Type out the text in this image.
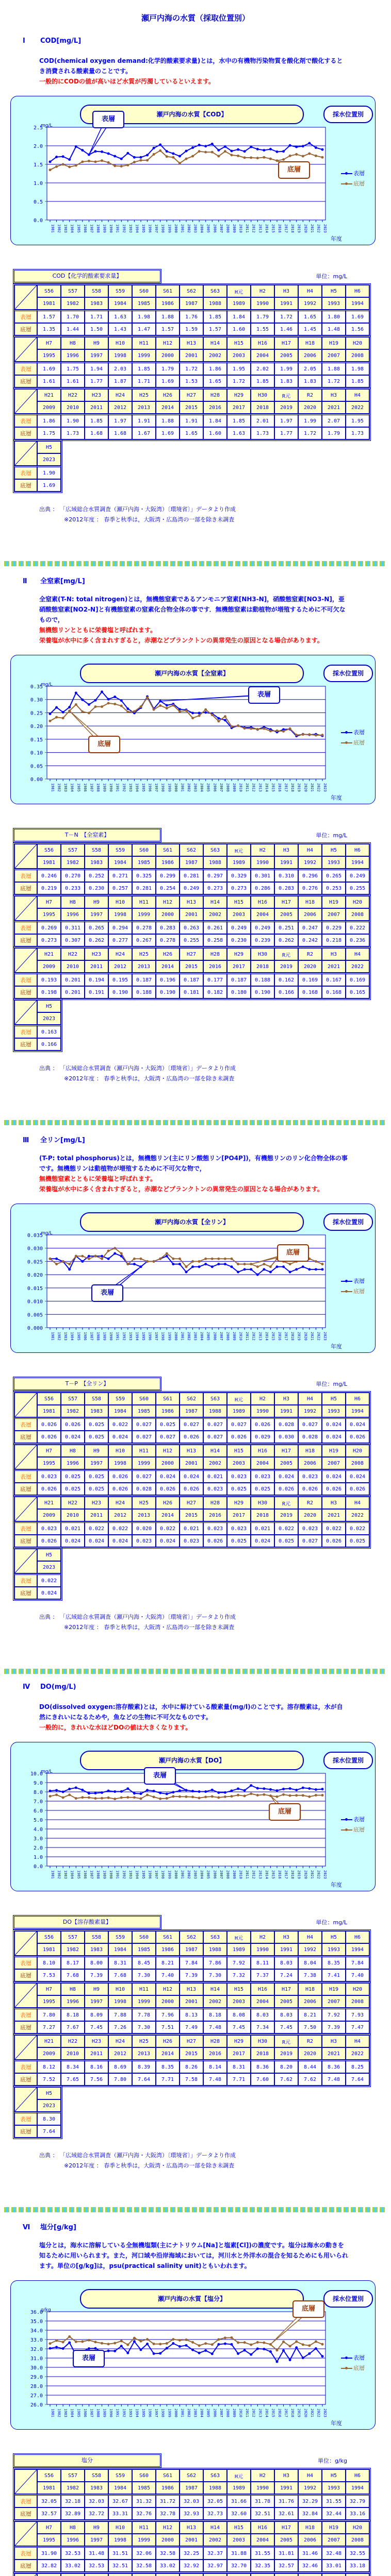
瀬戸内海の水質（採取位置別）
Ⅰ COD[mg/L]
COD(chemical oxygen demand:化学的酸素要求量)とは，水中の有機物汚染物質を酸化剤で酸化するとき消費される酸素量のことです。
一般的にCODの値が高いほど水質が汚濁しているといえます。
0.0
0.5
1.0
1.5
2.0
2.5
1981 1982 1983 1984 1985 1986 1987 1988 1989 1990 1991 1992 1993 1994 1995 1996 1997 1998 1999 2000 2001 2002 2003 2004 2005 2006 2007 2008 2009 2010 2011 2012 2013 2014 2015 2016 2017 2018 2019 2020 2021 2022 2023
瀬戸内海の水質【COD】	採水位置別
mg/L
表層
底層
年度
表層
底層
COD【化学的酸素要求量】	単位：mg/L
	S56	S57	S58	S59	S60	S61	S62	S63	H元	H2	H3	H4	H5	H6
	1981	1982	1983	1984	1985	1986	1987	1988	1989	1990	1991	1992	1993	1994
表層	1.57	1.70	1.71	1.63	1.98	1.88	1.76	1.85	1.84	1.79	1.72	1.65	1.80	1.69
底層	1.35	1.44	1.50	1.43	1.47	1.57	1.59	1.57	1.60	1.55	1.46	1.45	1.48	1.56
	H7	H8	H9	H10	H11	H12	H13	H14	H15	H16	H17	H18	H19	H20
	1995	1996	1997	1998	1999	2000	2001	2002	2003	2004	2005	2006	2007	2008
表層	1.69	1.75	1.94	2.03	1.85	1.79	1.72	1.86	1.95	2.02	1.99	2.05	1.88	1.98
底層	1.61	1.61	1.77	1.87	1.71	1.69	1.53	1.65	1.72	1.85	1.83	1.83	1.72	1.85
	H21	H22	H23	H24	H25	H26	H27	H28	H29	H30	R元	R2	H3	H4
	2009	2010	2011	2012	2013	2014	2015	2016	2017	2018	2019	2020	2021	2022
表層	1.86	1.90	1.85	1.97	1.91	1.88	1.91	1.84	1.85	2.01	1.97	1.99	2.07	1.95
底層	1.75	1.73	1.68	1.68	1.67	1.69	1.65	1.60	1.63	1.73	1.77	1.72	1.79	1.73
	H5
	2023
表層	1.90
底層	1.69
出典 ： 「広域総合水質調査（瀬戸内海・大阪湾）〔環境省〕」データより作成
※2012年度 ： 春季と秋季は，大阪湾・広島湾の一部を除き未調査
Ⅱ 全窒素[mg/L]
全窒素(T-N: total nitrogen)とは，無機態窒素であるアンモニア窒素[NH3-N]，硝酸態窒素[NO3-N]，亜硝酸態窒素[NO2-N]と有機態窒素の窒素化合物全体の事です．無機態窒素は動植物が増殖するために不可欠なもので，
無機態リンとともに栄養塩と呼ばれます。
栄養塩が水中に多く含まれすぎると，赤潮などプランクトンの異常発生の原因となる場合があります。
0.00
0.05
0.10
0.15
0.20
0.25
0.30
0.35
1981 1982 1983 1984 1985 1986 1987 1988 1989 1990 1991 1992 1993 1994 1995 1996 1997 1998 1999 2000 2001 2002 2003 2004 2005 2006 2007 2008 2009 2010 2011 2012 2013 2014 2015 2016 2017 2018 2019 2020 2021 2022 2023
瀬戸内海の水質【全窒素】	採水位置別
mg/L
表層
底層
年度
表層
底層
T－N　【全窒素】	単位：mg/L
	S56	S57	S58	S59	S60	S61	S62	S63	H元	H2	H3	H4	H5	H6
	1981	1982	1983	1984	1985	1986	1987	1988	1989	1990	1991	1992	1993	1994
表層	0.246	0.270	0.252	0.271	0.325	0.299	0.281	0.297	0.329	0.301	0.310	0.296	0.265	0.249
底層	0.219	0.233	0.230	0.257	0.281	0.254	0.249	0.273	0.273	0.286	0.283	0.276	0.253	0.255
	H7	H8	H9	H10	H11	H12	H13	H14	H15	H16	H17	H18	H19	H20
	1995	1996	1997	1998	1999	2000	2001	2002	2003	2004	2005	2006	2007	2008
表層	0.269	0.311	0.265	0.294	0.278	0.283	0.263	0.261	0.249	0.249	0.251	0.247	0.229	0.222
底層	0.273	0.307	0.262	0.277	0.267	0.278	0.255	0.258	0.230	0.239	0.262	0.242	0.218	0.236
	H21	H22	H23	H24	H25	H26	H27	H28	H29	H30	R元	R2	H3	H4
	2009	2010	2011	2012	2013	2014	2015	2016	2017	2018	2019	2020	2021	2022
表層	0.193	0.201	0.194	0.195	0.187	0.196	0.187	0.177	0.187	0.188	0.162	0.169	0.167	0.169
底層	0.198	0.201	0.191	0.190	0.188	0.190	0.181	0.182	0.180	0.190	0.166	0.168	0.168	0.165
	H5
	2023
表層	0.163
底層	0.166
出典 ： 「広域総合水質調査（瀬戸内海・大阪湾）〔環境省〕」データより作成
※2012年度 ： 春季と秋季は，大阪湾・広島湾の一部を除き未調査
Ⅲ 全リン[mg/L]
(T-P: total phosphorus)とは，無機態リン(主にリン酸態リン[PO4P])，有機態リンのリン化合物全体の事です。無機態リンは動植物が増殖するために不可欠な物で，
無機態窒素とともに栄養塩と呼ばれます。
栄養塩が水中に多く含まれすぎると，赤潮などプランクトンの異常発生の原因となる場合があります。
0.000
0.005
0.010
0.015
0.020
0.025
0.030
0.035
1981 1982 1983 1984 1985 1986 1987 1988 1989 1990 1991 1992 1993 1994 1995 1996 1997 1998 1999 2000 2001 2002 2003 2004 2005 2006 2007 2008 2009 2010 2011 2012 2013 2014 2015 2016 2017 2018 2019 2020 2021 2022 2023
瀬戸内海の水質【全リン】	採水位置別
mg/L
表層
底層
年度
表層
底層
T－P　【全リン】	単位：mg/L
	S56	S57	S58	S59	S60	S61	S62	S63	H元	H2	H3	H4	H5	H6
	1981	1982	1983	1984	1985	1986	1987	1988	1989	1990	1991	1992	1993	1994
表層	0.026	0.026	0.025	0.022	0.027	0.025	0.027	0.027	0.027	0.026	0.028	0.027	0.024	0.024
底層	0.026	0.024	0.025	0.024	0.027	0.027	0.026	0.027	0.026	0.029	0.030	0.028	0.024	0.026
	H7	H8	H9	H10	H11	H12	H13	H14	H15	H16	H17	H18	H19	H20
	1995	1996	1997	1998	1999	2000	2001	2002	2003	2004	2005	2006	2007	2008
表層	0.023	0.025	0.025	0.026	0.027	0.024	0.024	0.021	0.023	0.023	0.024	0.023	0.024	0.024
底層	0.026	0.025	0.025	0.026	0.028	0.026	0.026	0.023	0.025	0.025	0.026	0.026	0.026	0.026
	H21	H22	H23	H24	H25	H26	H27	H28	H29	H30	R元	R2	H3	H4
	2009	2010	2011	2012	2013	2014	2015	2016	2017	2018	2019	2020	2021	2022
表層	0.023	0.021	0.022	0.022	0.020	0.022	0.021	0.023	0.023	0.021	0.022	0.023	0.022	0.022
底層	0.026	0.024	0.024	0.024	0.023	0.024	0.023	0.026	0.025	0.024	0.025	0.027	0.026	0.025
	H5
	2023
表層	0.022
底層	0.024
出典 ： 「広域総合水質調査（瀬戸内海・大阪湾）〔環境省〕」データより作成
※2012年度 ： 春季と秋季は，大阪湾・広島湾の一部を除き未調査
Ⅳ DO(mg/L)
DO(dissolved oxygen:溶存酸素)とは，水中に解けている酸素量(mg/l)のことです。溶存酸素は，水が自然にきれいになるためや，魚などの生物に不可欠なものです。
一般的に，きれいな水ほどDOの値は大きくなります。
0.0
1.0
2.0
3.0
4.0
5.0
6.0
7.0
8.0
9.0
10.0
1981 1982 1983 1984 1985 1986 1987 1988 1989 1990 1991 1992 1993 1994 1995 1996 1997 1998 1999 2000 2001 2002 2003 2004 2005 2006 2007 2008 2009 2010 2011 2012 2013 2014 2015 2016 2017 2018 2019 2020 2021 2022 2023
瀬戸内海の水質【DO】	採水位置別
mg/L
表層
底層
年度
表層
底層
DO【溶存酸素量】	単位：mg/L
	S56	S57	S58	S59	S60	S61	S62	S63	H元	H2	H3	H4	H5	H6
	1981	1982	1983	1984	1985	1986	1987	1988	1989	1990	1991	1992	1993	1994
表層	8.10	8.17	8.00	8.31	8.45	8.21	7.84	7.86	7.92	8.11	8.03	8.04	8.35	7.84
底層	7.53	7.68	7.39	7.68	7.30	7.40	7.39	7.30	7.32	7.37	7.24	7.38	7.41	7.40
	H7	H8	H9	H10	H11	H12	H13	H14	H15	H16	H17	H18	H19	H20
	1995	1996	1997	1998	1999	2000	2001	2002	2003	2004	2005	2006	2007	2008
表層	7.80	8.18	8.09	7.88	7.78	7.96	8.13	8.18	8.08	8.03	8.03	8.21	7.92	7.93
底層	7.27	7.67	7.45	7.26	7.30	7.51	7.49	7.48	7.45	7.34	7.45	7.50	7.39	7.47
	H21	H22	H23	H24	H25	H26	H27	H28	H29	H30	R元	R2	H3	H4
	2009	2010	2011	2012	2013	2014	2015	2016	2017	2018	2019	2020	2021	2022
表層	8.12	8.34	8.16	8.69	8.39	8.35	8.26	8.14	8.31	8.36	8.20	8.44	8.36	8.25
底層	7.52	7.65	7.56	7.80	7.64	7.71	7.58	7.48	7.71	7.60	7.62	7.62	7.48	7.64
	H5
	2023
表層	8.30
底層	7.64
出典 ： 「広域総合水質調査（瀬戸内海・大阪湾）〔環境省〕」データより作成
※2012年度 ： 春季と秋季は，大阪湾・広島湾の一部を除き未調査
Ⅵ 塩分[g/kg]
塩分とは，海水に溶解している全無機塩類(主にナトリウム[Na]と塩素[Cl])の濃度です。塩分は海水の動きを知るために用いられます。また，河口域や沿岸海域においては，河川水と外洋水の混合を知るためにも用いられます。単位の[g/kg]は，psu(practical salinity unit)ともいわれます。
26.0
27.0
28.0
29.0
30.0
31.0
32.0
33.0
34.0
35.0
36.0
1981 1982 1983 1984 1985 1986 1987 1988 1989 1990 1991 1992 1993 1994 1995 1996 1997 1998 1999 2000 2001 2002 2003 2004 2005 2006 2007 2008 2009 2010 2011 2012 2013 2014 2015 2016 2017 2018 2019 2020 2021 2022 2023
瀬戸内海の水質【塩分】	採水位置別
g/kg
表層
底層
年度
表層
底層
塩分	単位：g/kg
	S56	S57	S58	S59	S60	S61	S62	S63	H元	H2	H3	H4	H5	H6
	1981	1982	1983	1984	1985	1986	1987	1988	1989	1990	1991	1992	1993	1994
表層	32.05	32.18	32.03	32.67	31.32	31.72	32.03	32.05	31.66	31.78	31.76	32.29	31.55	32.79
底層	32.57	32.89	32.72	33.31	32.76	32.78	32.93	32.73	32.60	32.51	32.61	32.84	32.44	33.16
	H7	H8	H9	H10	H11	H12	H13	H14	H15	H16	H17	H18	H19	H20
	1995	1996	1997	1998	1999	2000	2001	2002	2003	2004	2005	2006	2007	2008
表層	31.90	32.53	31.48	31.51	32.06	32.58	32.25	32.37	31.88	31.55	31.81	31.46	32.48	32.55
底層	32.82	33.02	32.53	32.51	32.58	33.02	32.92	32.97	32.70	32.35	32.57	32.46	33.01	33.18
